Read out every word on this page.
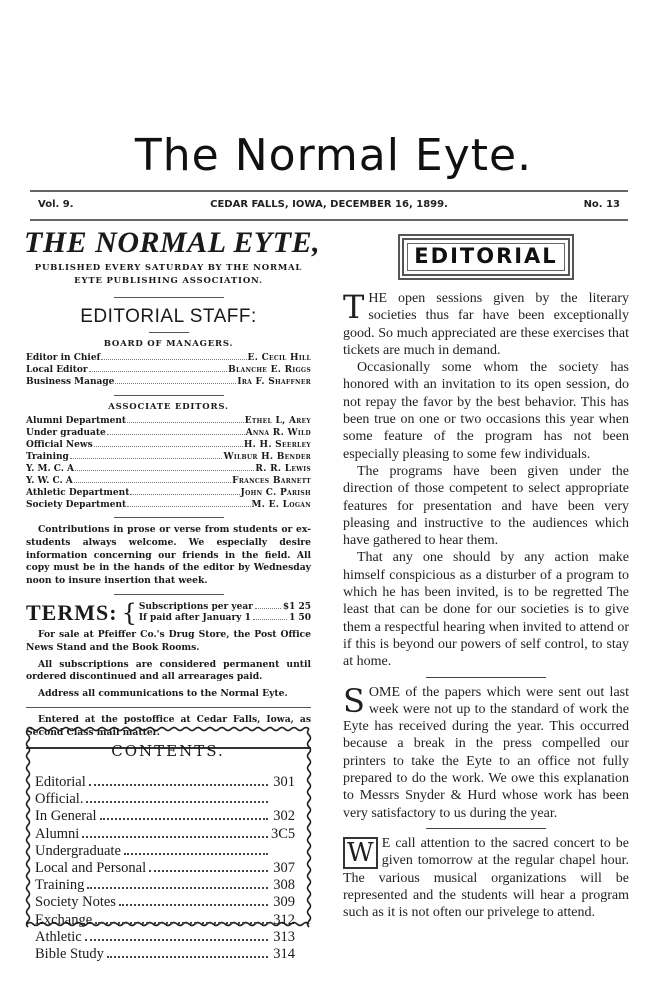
The Normal Eyte.
Vol. 9.	CEDAR FALLS, IOWA, DECEMBER 16, 1899.	No. 13
THE NORMAL EYTE,
PUBLISHED EVERY SATURDAY BY THE NORMAL EYTE PUBLISHING ASSOCIATION.
EDITORIAL STAFF:
BOARD OF MANAGERS.
Editor in Chief	E. Cecil Hill
Local Editor	Blanche E. Riggs
Business Manage	Ira F. Shaffner
ASSOCIATE EDITORS.
Alumni Department	Ethel L, Arey
Under graduate	Anna R. Wild
Official News	H. H. Seerley
Training	Wilbur H. Bender
Y. M. C. A	R. R. Lewis
Y. W. C. A	Frances Barnett
Athletic Department	John C. Parish
Society Department	M. E. Logan

Contributions in prose or verse from students or ex-students always welcome. We especially desire information concerning our friends in the field. All copy must be in the hands of the editor by Wednesday noon to insure insertion that week.

TERMS: { Subscriptions per year	$1 25
If paid after January 1	1 50

For sale at Pfeiffer Co.'s Drug Store, the Post Office News Stand and the Book Rooms.

All subscriptions are considered permanent until ordered discontinued and all arrearages paid.

Address all communications to the Normal Eyte.

Entered at the postoffice at Cedar Falls, Iowa, as Second Class mail matter.

CONTENTS.
Editorial	301
Official.
In General	302
Alumni	3C5
Undergraduate
Local and Personal	307
Training	308
Society Notes	309
Exchange	312
Athletic	313
Bible Study	314
EDITORIAL

THE open sessions given by the literary societies thus far have been exceptionally good. So much appreciated are these exercises that tickets are much in demand.

Occasionally some whom the society has honored with an invitation to its open session, do not repay the favor by the best behavior. This has been true on one or two occasions this year when some feature of the program has not been especially pleasing to some few individuals.

The programs have been given under the direction of those competent to select appropriate features for presentation and have been very pleasing and instructive to the audiences which have gathered to hear them.

That any one should by any action make himself conspicious as a disturber of a program to which he has been invited, is to be regretted The least that can be done for our societies is to give them a respectful hearing when invited to attend or if this is beyond our powers of self control, to stay at home.

SOME of the papers which were sent out last week were not up to the standard of work the Eyte has received during the year. This occurred because a break in the press compelled our printers to take the Eyte to an office not fully prepared to do the work. We owe this explanation to Messrs Snyder & Hurd whose work has been very satisfactory to us during the year.

W E call attention to the sacred concert to be given tomorrow at the regular chapel hour. The various musical organizations will be represented and the students will hear a program such as it is not often our privelege to attend.
